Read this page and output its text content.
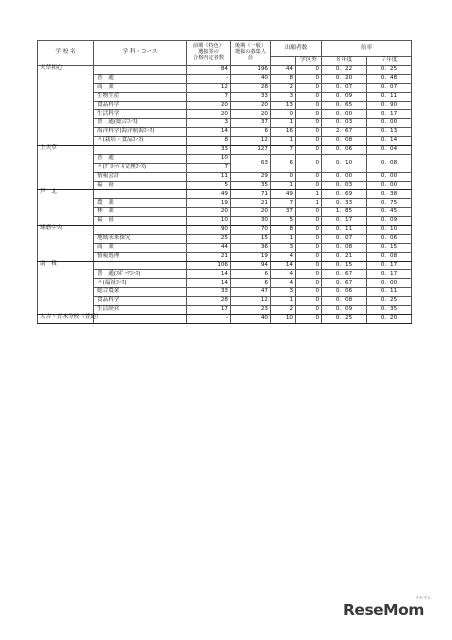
学 校 名	学 科・コース	前期（特色）
選抜等の
合格内定者数	後期（一般）
選抜の募集人員	出願者数		倍率	
					学区外	８年度	７年度
天草拓心		84	196	44	0	0．22	0．25
	普　通	-	40	8	0	0．20	0．48
	商　業	12	28	2	0	0．07	0．07
	生物生産	7	33	3	0	0．09	0．11
	食品科学	20	20	13	0	0．65	0．90
	生活科学	20	20	0	0	0．00	0．17
	普　通(総合ｺｰｽ)	3	37	1	0	0．03	0．00
	海洋科学(海洋航海ｺｰｽ)	14	6	16	0	2．67	0．13
	〃(栽培・食品ｺｰｽ)	8	12	1	0	0．08	0．14
上天草		33	127	7	0	0．06	0．04
	普　通	10	63	6	0	0．10	0．08
	〃(ｸﾞﾛｰﾊﾞﾙ文理ｺｰｽ)	7					
	情報会計	11	29	0	0	0．00	0．00
	福　祉	5	35	1	0	0．03	0．00
芦　北		49	71	49	1	0．69	0．38
	農　業	19	21	7	1	0．33	0．75
	林　業	20	20	37	0	1．85	0．45
	福　祉	10	30	5	0	0．17	0．09
球磨中央		90	70	8	0	0．11	0．10
	地域未来探究	25	15	1	0	0．07	0．06
	商　業	44	36	3	0	0．08	0．15
	情報処理	21	19	4	0	0．21	0．08
南　稜		106	94	14	0	0．15	0．17
	普　通(ｽﾎﾟｰﾂｺｰｽ)	14	6	4	0	0．67	0．17
	〃(福祉ｺｰｽ)	14	6	4	0	0．67	0．00
	総合農業	33	47	3	0	0．06	0．11
	食品科学	28	12	1	0	0．08	0．25
	生活経営	17	23	2	0	0．09	0．35
人吉・五木分校（普通）		-	40	10	0	0．25	0．20
ReseMom
リセマム
